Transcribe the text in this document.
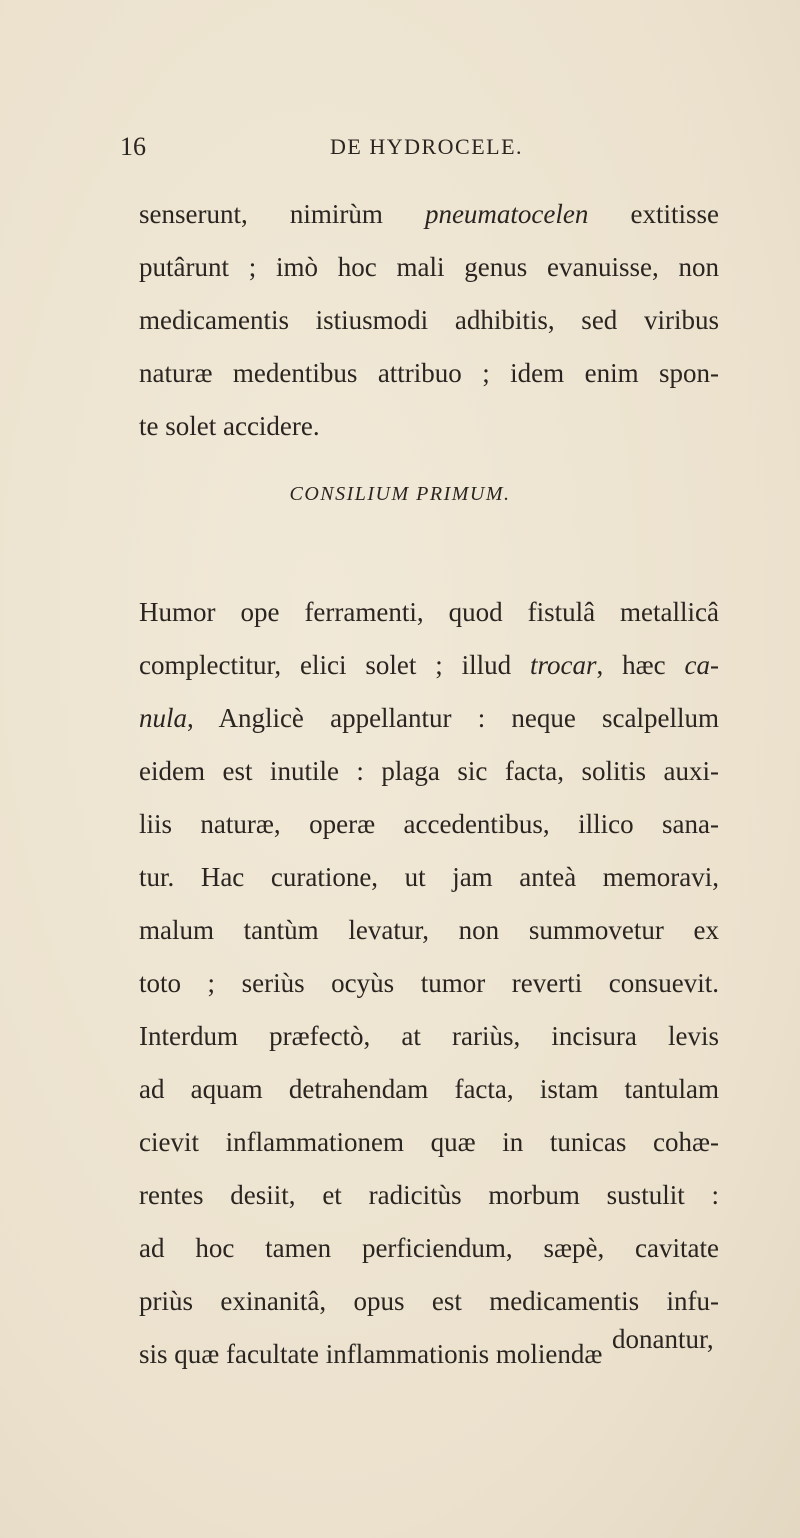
16	DE HYDROCELE.
senserunt, nimirùm pneumatocelen extitisse
putârunt ; imò hoc mali genus evanuisse, non
medicamentis istiusmodi adhibitis, sed viribus
naturæ medentibus attribuo ; idem enim spon-
te solet accidere.
CONSILIUM PRIMUM.
Humor ope ferramenti, quod fistulâ metallicâ
complectitur, elici solet ; illud trocar, hæc ca-
nula, Anglicè appellantur : neque scalpellum
eidem est inutile : plaga sic facta, solitis auxi-
liis naturæ, operæ accedentibus, illico sana-
tur. Hac curatione, ut jam anteà memoravi,
malum tantùm levatur, non summovetur ex
toto ; seriùs ocyùs tumor reverti consuevit.
Interdum præfectò, at rariùs, incisura levis
ad aquam detrahendam facta, istam tantulam
cievit inflammationem quæ in tunicas cohæ-
rentes desiit, et radicitùs morbum sustulit :
ad hoc tamen perficiendum, sæpè, cavitate
priùs exinanitâ, opus est medicamentis infu-
sis quæ facultate inflammationis moliendæ donantur,
